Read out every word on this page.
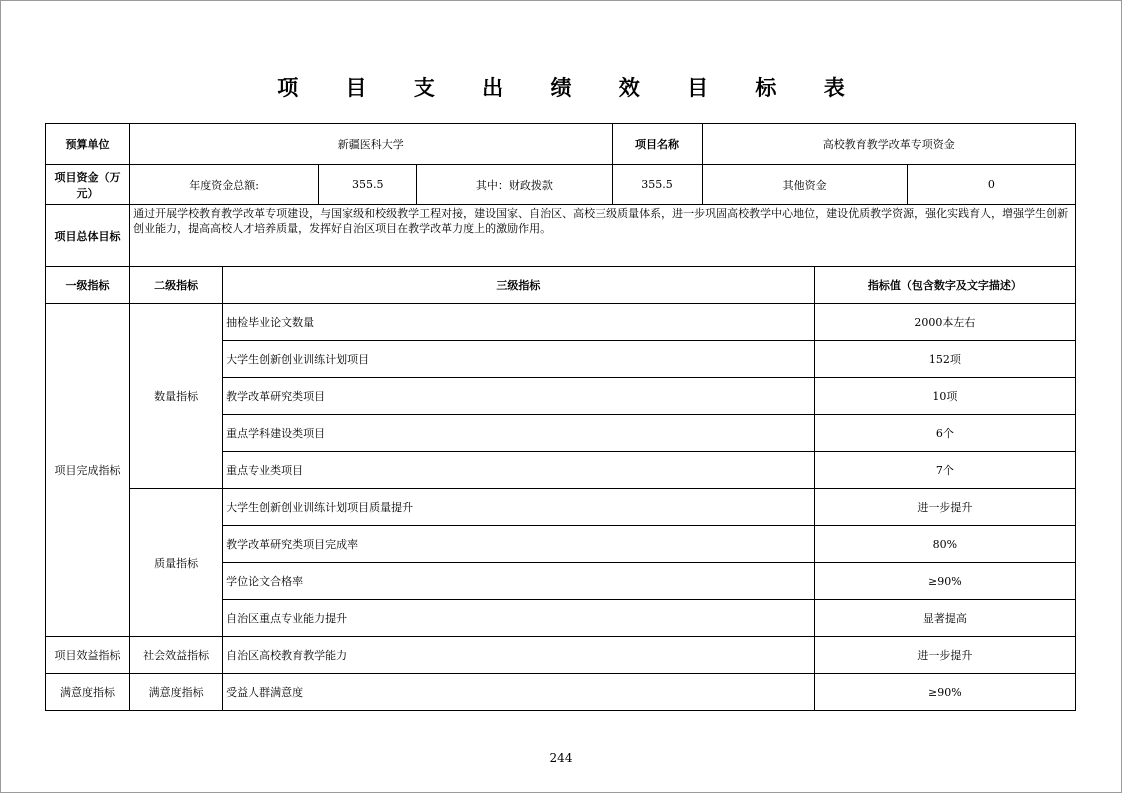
项 目 支 出 绩 效 目 标 表
预算单位	新疆医科大学				项目名称	高校教育教学改革专项资金		
项目资金（万元）	年度资金总额:		355.5	其中：财政拨款	355.5	其他资金		0
项目总体目标	通过开展学校教育教学改革专项建设，与国家级和校级教学工程对接，建设国家、自治区、高校三级质量体系，进一步巩固高校教学中心地位，建设优质教学资源，强化实践育人，增强学生创新创业能力，提高高校人才培养质量，发挥好自治区项目在教学改革力度上的激励作用。							
一级指标	二级指标	三级指标					指标值（包含数字及文字描述）	
项目完成指标	数量指标	抽检毕业论文数量					2000本左右	
		大学生创新创业训练计划项目					152项	
		教学改革研究类项目					10项	
		重点学科建设类项目					6个	
		重点专业类项目					7个	
	质量指标	大学生创新创业训练计划项目质量提升					进一步提升	
		教学改革研究类项目完成率					80%	
		学位论文合格率					≥90%	
		自治区重点专业能力提升					显著提高	
项目效益指标	社会效益指标	自治区高校教育教学能力					进一步提升	
满意度指标	满意度指标	受益人群满意度					≥90%	
244
